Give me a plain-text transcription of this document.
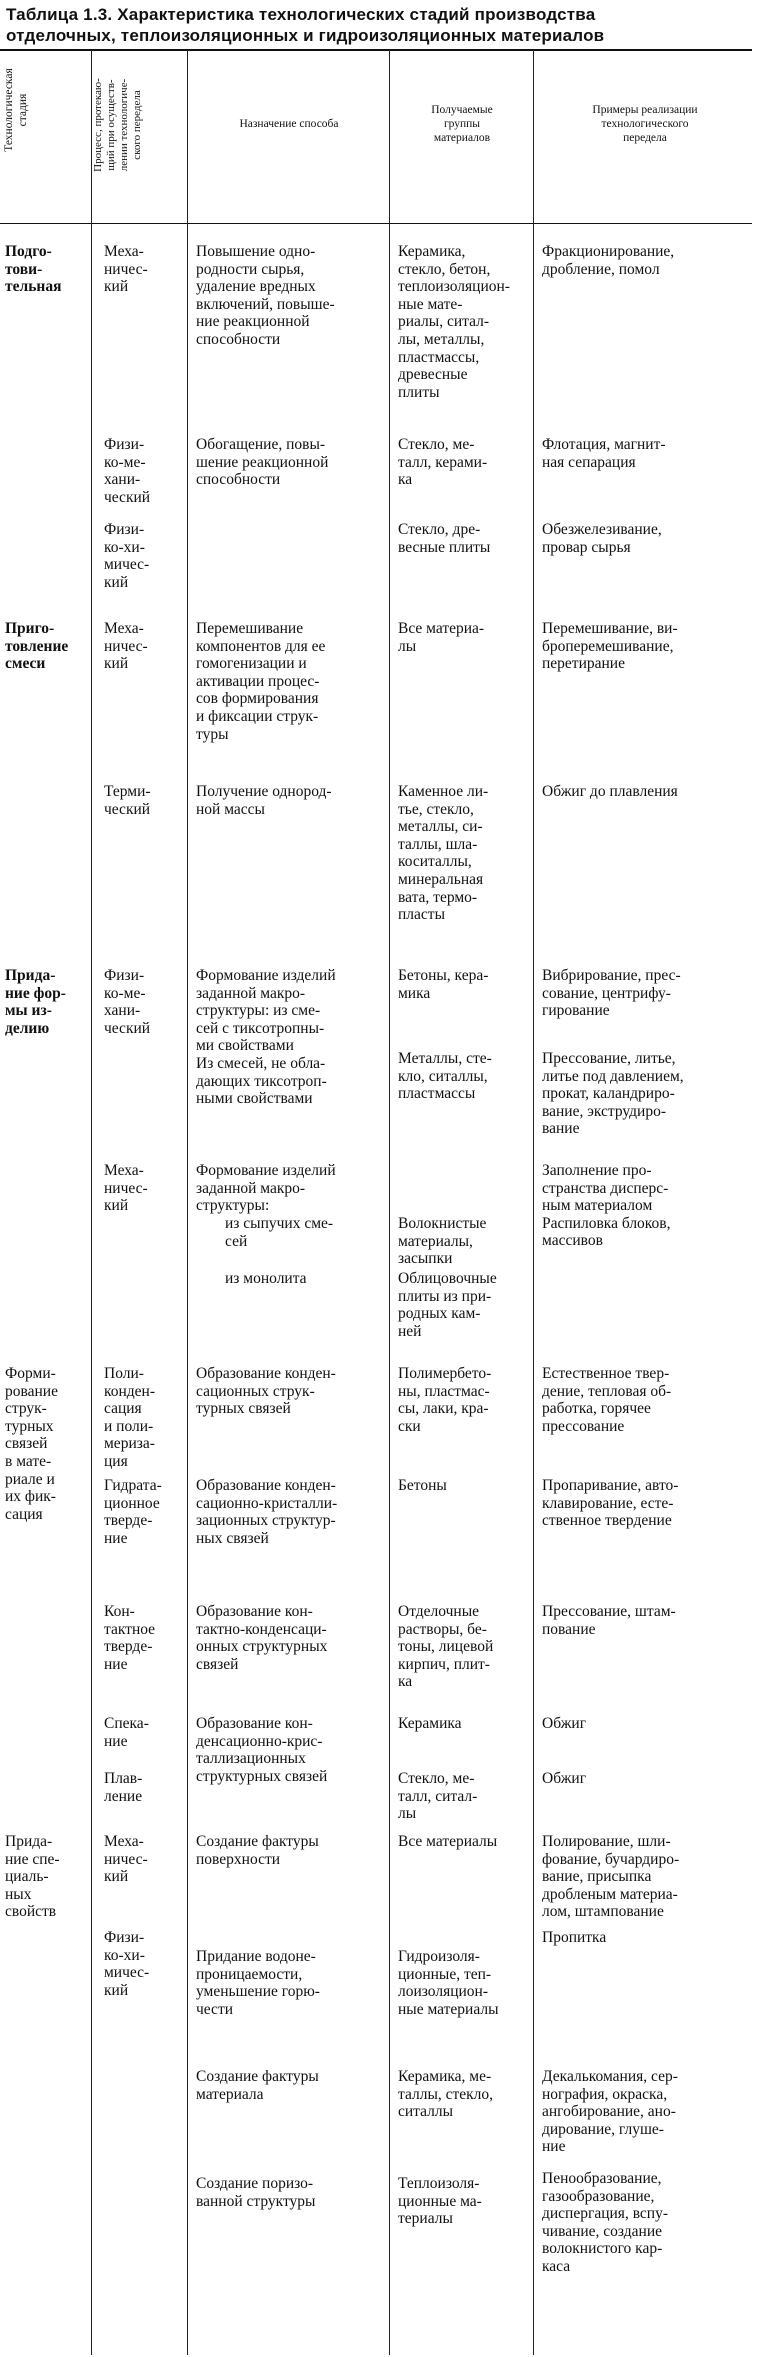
Таблица 1.3. Характеристика технологических стадий производства
отделочных, теплоизоляционных и гидроизоляционных материалов
Технологическая
стадия
Процесс, протекаю-
щий при осуществ-
лении технологиче-
ского передела	Назначение способа
Получаемые
группы
материалов
Примеры реализации
технологического
передела
Подго-
тови-
тельная
Приго-
товление
смеси
Прида-
ние фор-
мы из-
делию
Форми-
рование
струк-
турных
связей
в мате-
риале и
их фик-
сация
Прида-
ние спе-
циаль-
ных
свойств
Меха-
ничес-
кий
Физи-
ко-ме-
хани-
ческий
Физи-
ко-хи-
мичес-
кий
Меха-
ничес-
кий
Терми-
ческий
Физи-
ко-ме-
хани-
ческий
Меха-
ничес-
кий
Поли-
конден-
сация
и поли-
мериза-
ция
Гидрата-
ционное
тверде-
ние
Кон-
тактное
тверде-
ние
Спека-
ние
Плав-
ление
Меха-
ничес-
кий
Физи-
ко-хи-
мичес-
кий
Повышение одно-
родности сырья,
удаление вредных
включений, повыше-
ние реакционной
способности
Обогащение, повы-
шение реакционной
способности
Перемешивание
компонентов для ее
гомогенизации и
активации процес-
сов формирования
и фиксации струк-
туры
Получение однород-
ной массы
Формование изделий
заданной макро-
структуры: из сме-
сей с тиксотропны-
ми свойствами
Из смесей, не обла-
дающих тиксотроп-
ными свойствами
Формование изделий
заданной макро-
структуры:
из сыпучих сме-
сей
из монолита
Образование конден-
сационных струк-
турных связей
Образование конден-
сационно-кристалли-
зационных структур-
ных связей
Образование кон-
тактно-конденсаци-
онных структурных
связей
Образование кон-
денсационно-крис-
таллизационных
структурных связей
Создание фактуры
поверхности
Придание водоне-
проницаемости,
уменьшение горю-
чести
Создание фактуры
материала
Создание поризо-
ванной структуры
Керамика,
стекло, бетон,
теплоизоляцион-
ные матe-
риалы, ситал-
лы, металлы,
пластмассы,
древесные
плиты
Стекло, ме-
талл, керами-
ка
Стекло, дре-
весные плиты
Все материа-
лы
Каменное ли-
тье, стекло,
металлы, си-
таллы, шла-
коситаллы,
минеральная
вата, термо-
пласты
Бетоны, кера-
мика
Металлы, сте-
кло, ситаллы,
пластмассы
Волокнистые
материалы,
засыпки
Облицовочные
плиты из при-
родных кам-
ней
Полимербето-
ны, пластмас-
сы, лаки, кра-
ски
Бетоны
Отделочные
растворы, бе-
тоны, лицевой
кирпич, плит-
ка
Керамика
Стекло, ме-
талл, ситал-
лы
Все материалы
Гидроизоля-
ционные, теп-
лоизоляцион-
ные материалы
Керамика, ме-
таллы, стекло,
ситаллы
Теплоизоля-
ционные ма-
териалы
Фракционирование,
дробление, помол
Флотация, магнит-
ная сепарация
Обезжелезивание,
провар сырья
Перемешивание, ви-
броперемешивание,
перетирание
Обжиг до плавления
Вибрирование, прес-
сование, центрифу-
гирование
Прессование, литье,
литье под давлением,
прокат, каландриро-
вание, экструдиро-
вание
Заполнение про-
странства дисперс-
ным материалом
Распиловка блоков,
массивов
Естественное твер-
дение, тепловая об-
работка, горячее
прессование
Пропаривание, авто-
клавирование, есте-
ственное твердение
Прессование, штам-
пование
Обжиг
Обжиг
Полирование, шли-
фование, бучардиро-
вание, присыпка
дробленым материа-
лом, штампование
Пропитка
Декалькомания, сер-
нография, окраска,
ангобирование, ано-
дирование, глуше-
ние
Пенообразование,
газообразование,
диспергация, вспу-
чивание, создание
волокнистого кар-
каса
